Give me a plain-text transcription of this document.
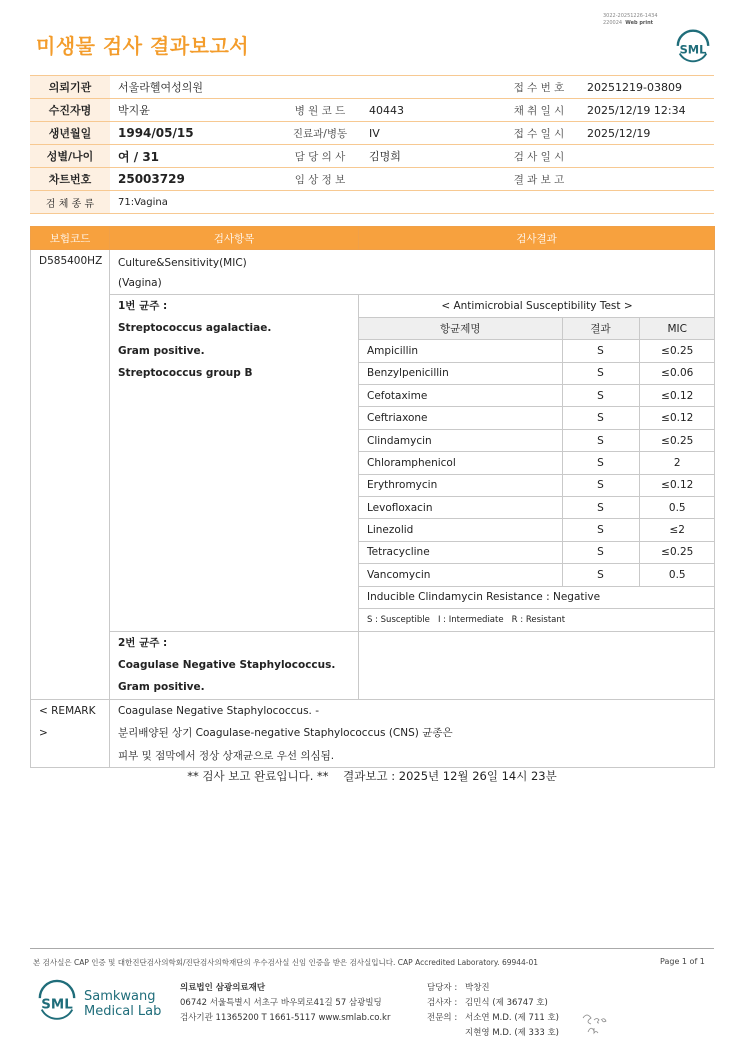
3022-20251226-1434
220024 Web print
미생물 검사 결과보고서	SML
의뢰기관	서울라헬여성의원			접 수 번 호	20251219-03809
수진자명	박지윤	병 원 코 드	40443	채 취 일 시	2025/12/19 12:34
생년월일	1994/05/15	진료과/병동	IV	접 수 일 시	2025/12/19
성별/나이	여 / 31	담 당 의 사	김명희	검 사 일 시	
차트번호	25003729	임 상 정 보		결 과 보 고	
검 체 종 류	71:Vagina				
보험코드	검사항목	검사결과
D585400HZ	Culture&Sensitivity(MIC)
(Vagina)

1번 균주 :
Streptococcus agalactiae.
Gram positive.
Streptococcus group B

< Antimicrobial Susceptibility Test >
항균제명	결과	MIC
Ampicillin	S	≤0.25
Benzylpenicillin	S	≤0.06
Cefotaxime	S	≤0.12
Ceftriaxone	S	≤0.12
Clindamycin	S	≤0.25
Chloramphenicol	S	2
Erythromycin	S	≤0.12
Levofloxacin	S	0.5
Linezolid	S	≤2
Tetracycline	S	≤0.25
Vancomycin	S	0.5
Inducible Clindamycin Resistance : Negative
S : Susceptible   I : Intermediate   R : Resistant

2번 균주 :
Coagulase Negative Staphylococcus.
Gram positive.

< REMARK >

Coagulase Negative Staphylococcus. -
분리배양된 상기 Coagulase-negative Staphylococcus (CNS) 균종은
피부 및 점막에서 정상 상재균으로 우선 의심됨.
** 검사 보고 완료입니다. **    결과보고 : 2025년 12월 26일 14시 23분
본 검사실은 CAP 인증 및 대한진단검사의학회/진단검사의학재단의 우수검사실 신임 인증을 받은 검사실입니다. CAP Accredited Laboratory. 69944-01	Page 1 of 1
SML
Samkwang
Medical Lab
의료법인 삼광의료재단
06742 서울특별시 서초구 바우뫼로41길 57 삼광빌딩
검사기관 11365200 T 1661-5117 www.smlab.co.kr
담당자 : 박창진
검사자 : 김민식 (제 36747 호)
전문의 : 서소연 M.D. (제 711 호)
지현영 M.D. (제 333 호)
